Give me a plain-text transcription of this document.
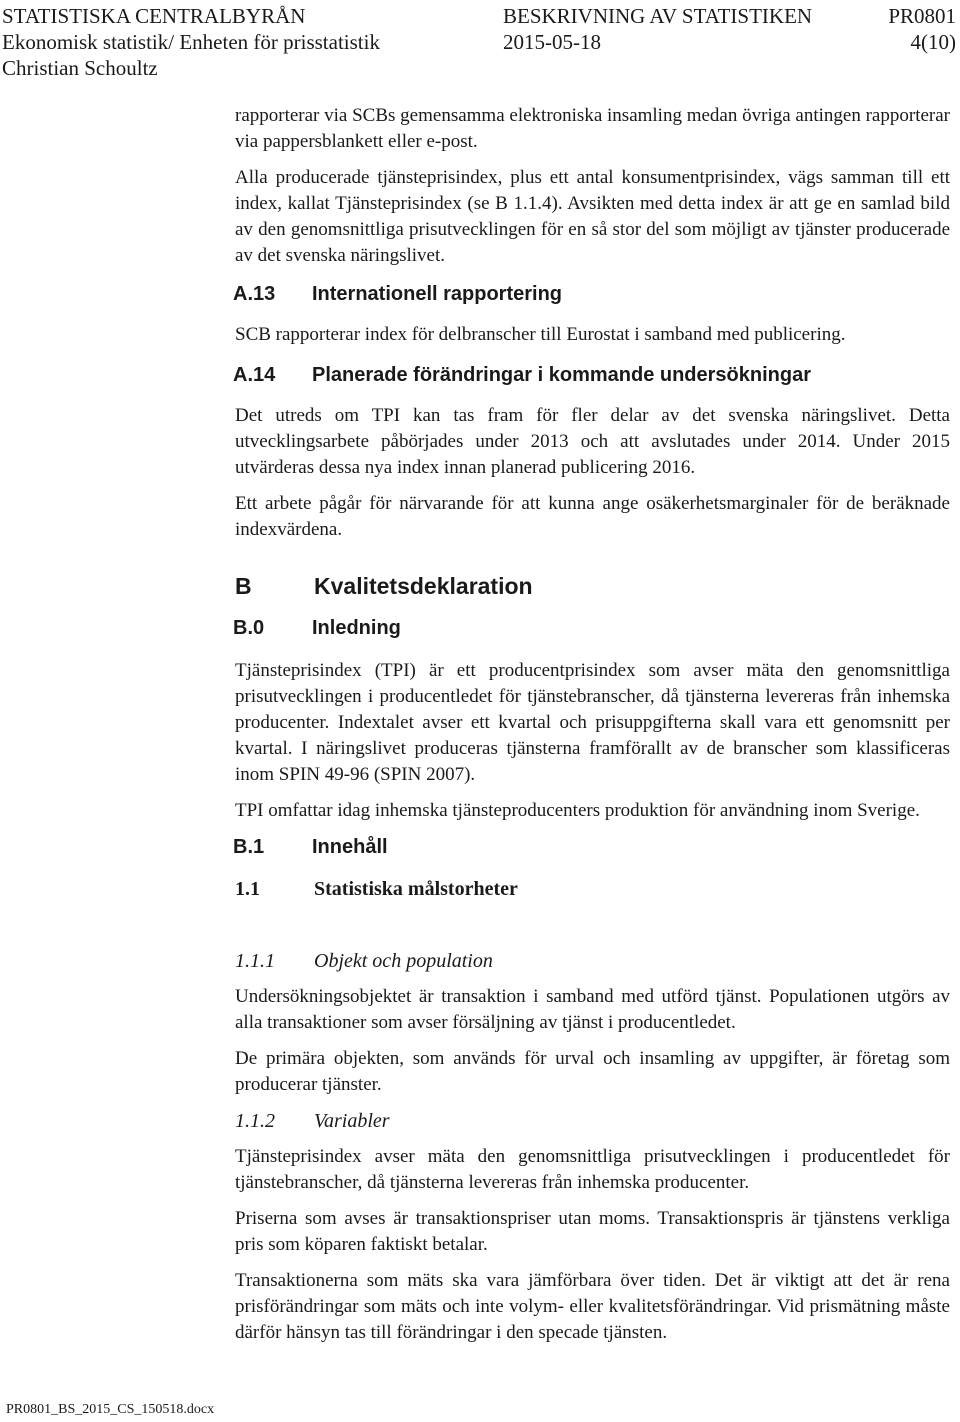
STATISTISKA CENTRALBYRÅN
Ekonomisk statistik/ Enheten för prisstatistik
Christian Schoultz
BESKRIVNING AV STATISTIKEN
2015-05-18
PR0801
4(10)

rapporterar via SCBs gemensamma elektroniska insamling medan övriga antingen rapporterar via pappersblankett eller e-post.

Alla producerade tjänsteprisindex, plus ett antal konsumentprisindex, vägs samman till ett index, kallat Tjänsteprisindex (se B 1.1.4). Avsikten med detta index är att ge en samlad bild av den genomsnittliga prisutvecklingen för en så stor del som möjligt av tjänster producerade av det svenska näringslivet.

A.13	Internationell rapportering

SCB rapporterar index för delbranscher till Eurostat i samband med publicering.

A.14	Planerade förändringar i kommande undersökningar

Det utreds om TPI kan tas fram för fler delar av det svenska näringslivet. Detta utvecklingsarbete påbörjades under 2013 och att avslutades under 2014. Under 2015 utvärderas dessa nya index innan planerad publicering 2016.

Ett arbete pågår för närvarande för att kunna ange osäkerhetsmarginaler för de beräknade indexvärdena.

B	Kvalitetsdeklaration
B.0	Inledning

Tjänsteprisindex (TPI) är ett producentprisindex som avser mäta den genomsnittliga prisutvecklingen i producentledet för tjänstebranscher, då tjänsterna levereras från inhemska producenter. Indextalet avser ett kvartal och prisuppgifterna skall vara ett genomsnitt per kvartal. I näringslivet produceras tjänsterna framförallt av de branscher som klassificeras inom SPIN 49-96 (SPIN 2007).

TPI omfattar idag inhemska tjänsteproducenters produktion för användning inom Sverige.

B.1	Innehåll
1.1	Statistiska målstorheter
1.1.1	Objekt och population

Undersökningsobjektet är transaktion i samband med utförd tjänst. Populationen utgörs av alla transaktioner som avser försäljning av tjänst i producentledet.

De primära objekten, som används för urval och insamling av uppgifter, är företag som producerar tjänster.

1.1.2	Variabler

Tjänsteprisindex avser mäta den genomsnittliga prisutvecklingen i producentledet för tjänstebranscher, då tjänsterna levereras från inhemska producenter.

Priserna som avses är transaktionspriser utan moms. Transaktionspris är tjänstens verkliga pris som köparen faktiskt betalar.

Transaktionerna som mäts ska vara jämförbara över tiden. Det är viktigt att det är rena prisförändringar som mäts och inte volym- eller kvalitetsförändringar. Vid prismätning måste därför hänsyn tas till förändringar i den specade tjänsten.

PR0801_BS_2015_CS_150518.docx
